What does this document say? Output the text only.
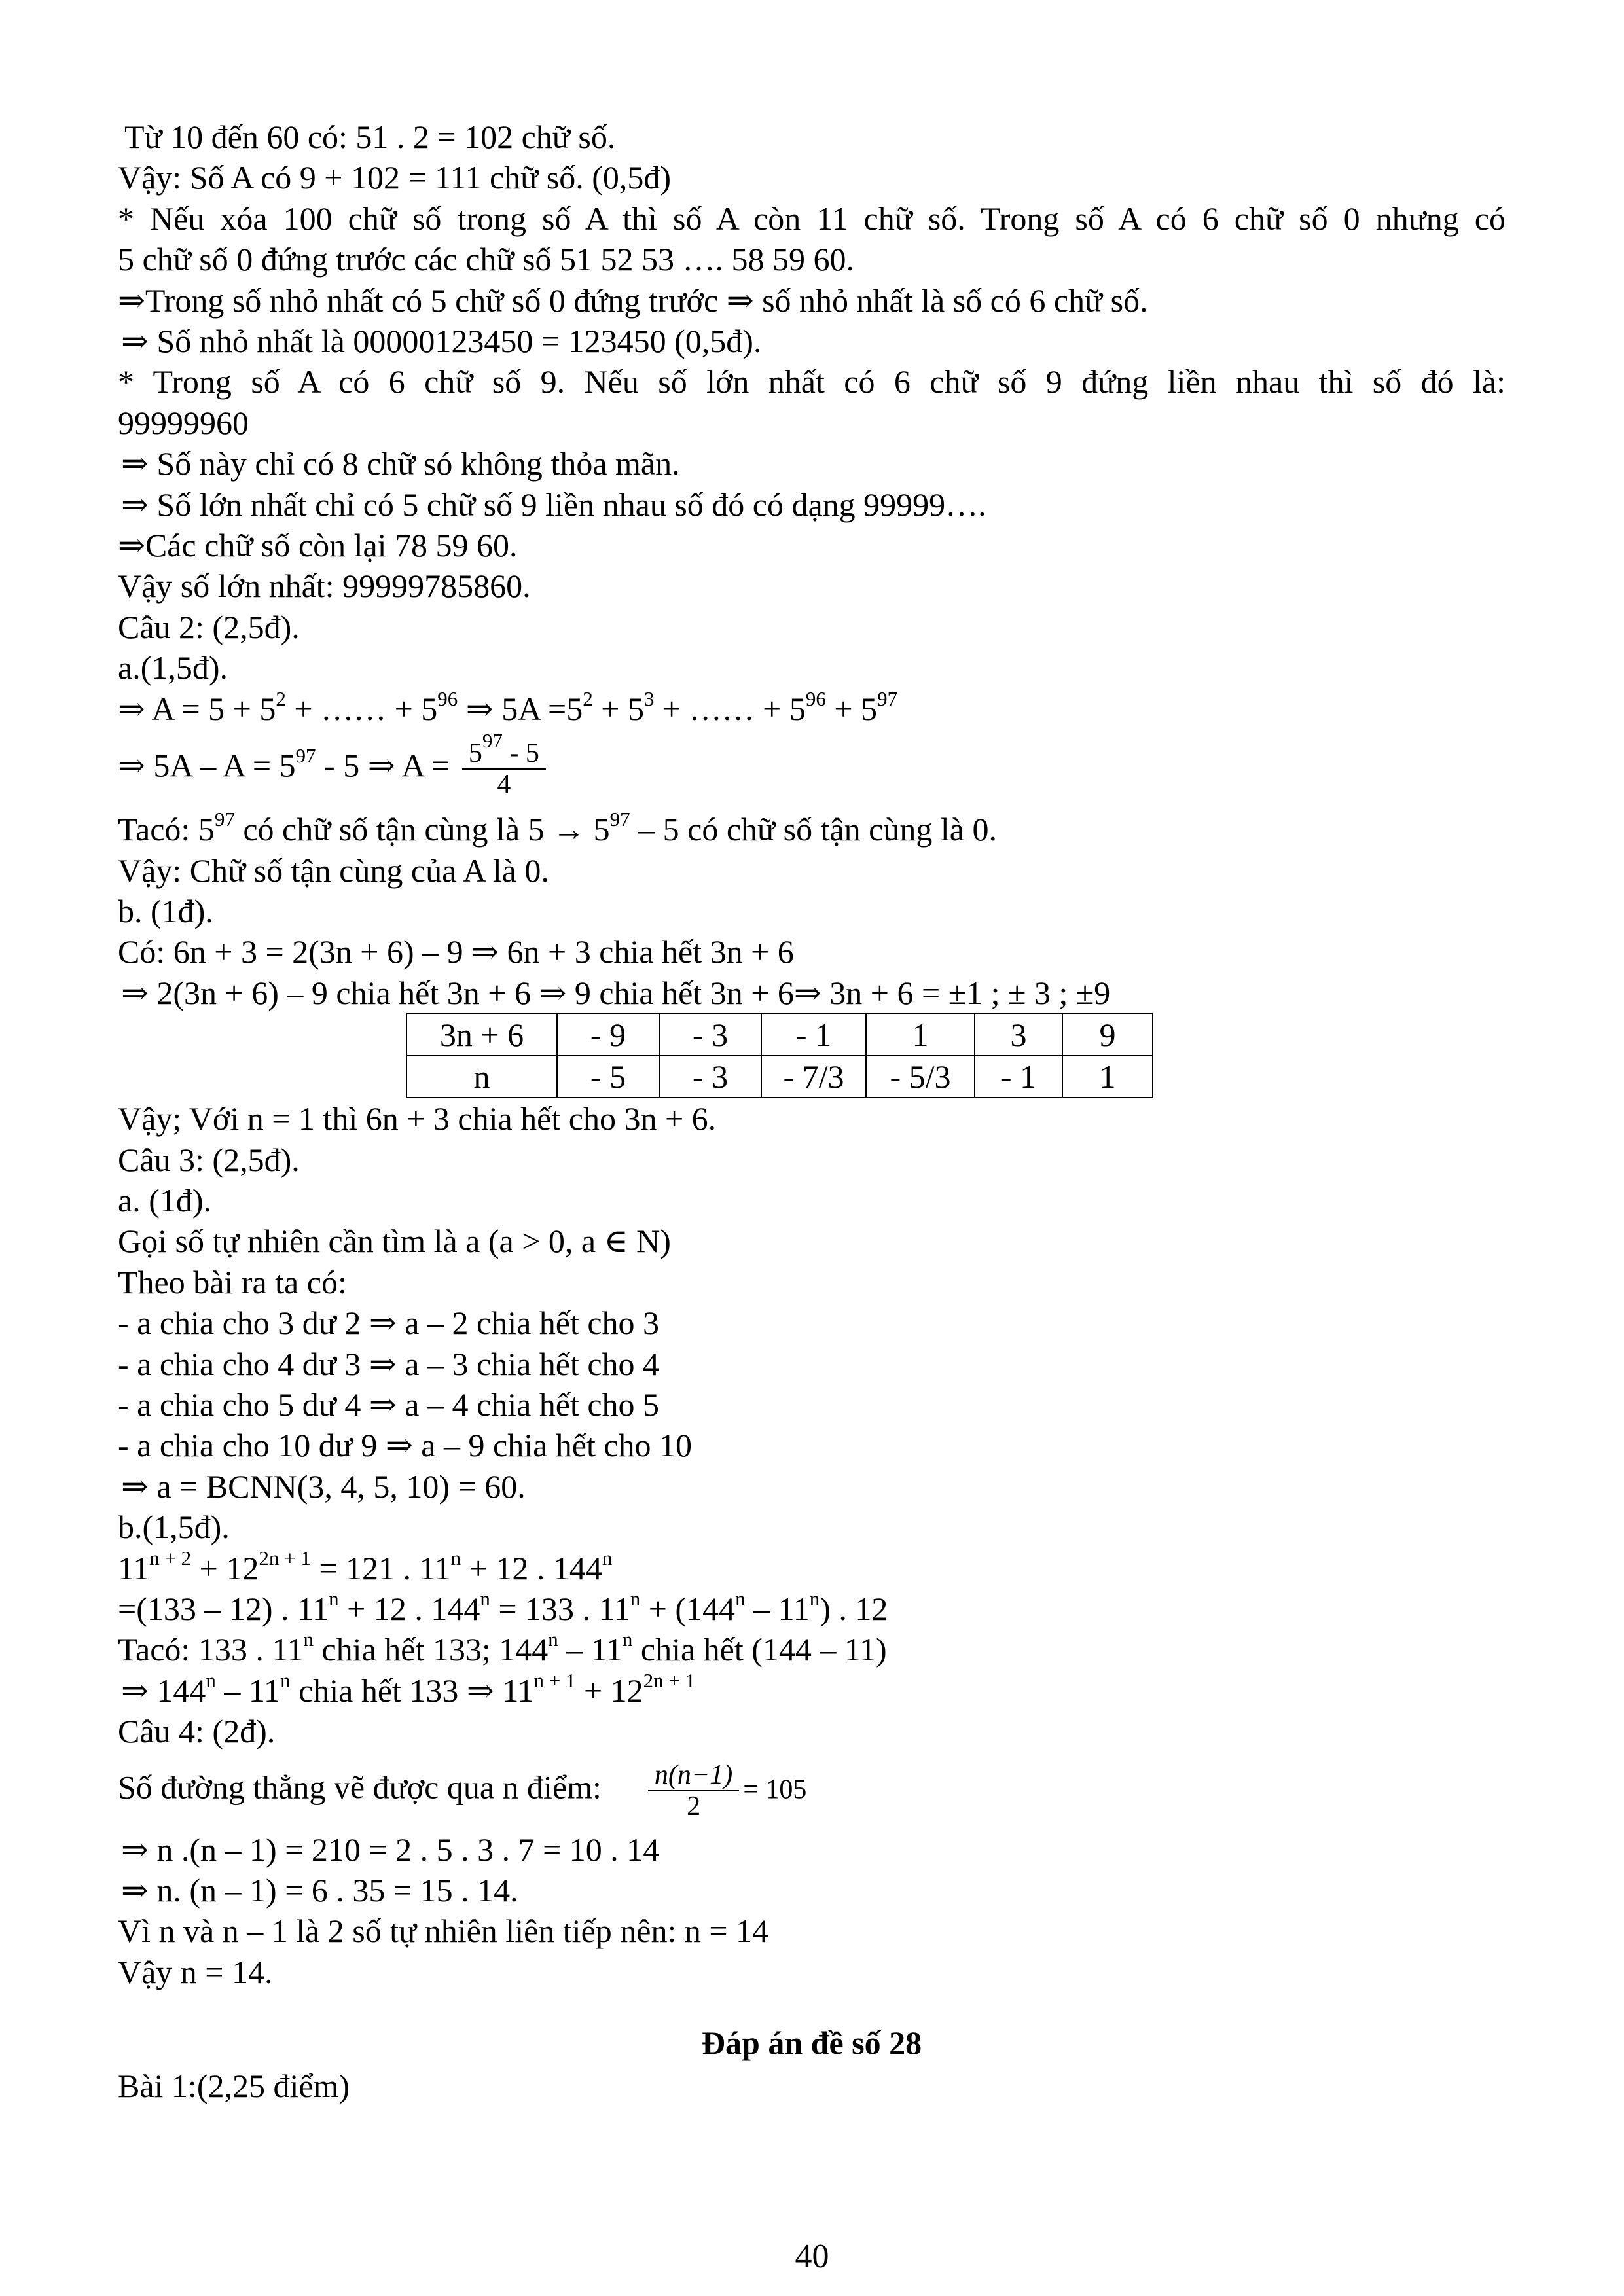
Từ 10 đến 60 có: 51 . 2 = 102 chữ số.
Vậy: Số A có 9 + 102 = 111 chữ số. (0,5đ)
* Nếu xóa 100 chữ số trong số A thì số A còn 11 chữ số. Trong số A có 6 chữ số 0 nhưng có
5 chữ số 0 đứng trước các chữ số 51 52 53 …. 58 59 60.
⇒Trong số nhỏ nhất có 5 chữ số 0 đứng trước ⇒ số nhỏ nhất là số có 6 chữ số.
⇒ Số nhỏ nhất là 00000123450 = 123450 (0,5đ).
* Trong số A có 6 chữ số 9. Nếu số lớn nhất có 6 chữ số 9 đứng liền nhau thì số đó là:
99999960
⇒ Số này chỉ có 8 chữ só không thỏa mãn.
⇒ Số lớn nhất chỉ có 5 chữ số 9 liền nhau số đó có dạng 99999….
⇒Các chữ số còn lại 78 59 60.
Vậy số lớn nhất: 99999785860.
Câu 2: (2,5đ).
a.(1,5đ).
⇒ $A = 5 + 5^2$ + …… + $5^{96}$ ⇒ $5A =5^2 + 5^3$ + …… + $5^{96} + 5^{97}$
⇒ $5A - A = 5^{97} - 5$ ⇒ $A = \frac{5^{97} - 5}{4}$
Tacó: $5^{97}$ có chữ số tận cùng là $5 \to 5^{97} - 5$ có chữ số tận cùng là 0.
Vậy: Chữ số tận cùng của A là 0.
b. (1đ).
Có: 6n + 3 = 2(3n + 6) – 9 ⇒ 6n + 3 chia hết 3n + 6
⇒ 2(3n + 6) – 9 chia hết 3n + 6 ⇒ 9 chia hết 3n + 6⇒ 3n + 6 = ±1 ; ± 3 ; ±9
3n + 6	- 9	- 3	- 1	1	3	9
n	- 5	- 3	- 7/3	- 5/3	- 1	1
Vậy; Với n = 1 thì 6n + 3 chia hết cho 3n + 6.
Câu 3: (2,5đ).
a. (1đ).
Gọi số tự nhiên cần tìm là a (a > 0, a ∈ N)
Theo bài ra ta có:
- a chia cho 3 dư 2 ⇒ a – 2 chia hết cho 3
- a chia cho 4 dư 3 ⇒ a – 3 chia hết cho 4
- a chia cho 5 dư 4 ⇒ a – 4 chia hết cho 5
- a chia cho 10 dư 9 ⇒ a – 9 chia hết cho 10
⇒ a = BCNN(3, 4, 5, 10) = 60.
b.(1,5đ).
$11^{n + 2} + 12^{2n + 1} = 121$ . $11^n + 12$ . $144^n$
=(133 – 12) . $11^n + 12$ . $144^n = 133$ . $11^n + (144^n - 11^n)$ . 12
Tacó: 133 . 11$^n$ chia hết 133; 144$^n$ – 11$^n$ chia hết (144 – 11)
⇒ 144$^n$ – 11$^n$ chia hết 133 ⇒ $11^{n + 1} + 12^{2n + 1}$
Câu 4: (2đ).
Số đường thẳng vẽ được qua n điểm: $\frac{n(n-1)}{2} = 105$
⇒ n .(n – 1) = 210 = 2 . 5 . 3 . 7 = 10 . 14
⇒ n. (n – 1) = 6 . 35 = 15 . 14.
Vì n và n – 1 là 2 số tự nhiên liên tiếp nên: n = 14
Vậy n = 14.
Đáp án đề số 28
Bài 1:(2,25 điểm)
40
